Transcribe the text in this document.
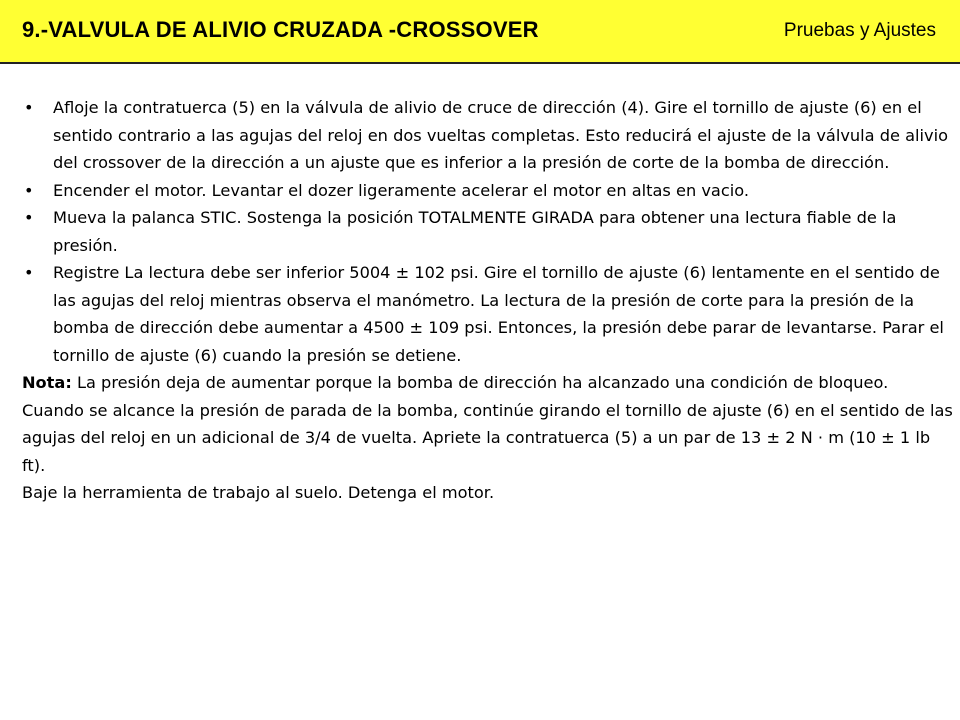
9.-VALVULA DE ALIVIO CRUZADA -CROSSOVER	Pruebas y Ajustes
• Afloje la contratuerca (5) en la válvula de alivio de cruce de dirección (4). Gire el tornillo de ajuste (6) en el sentido contrario a las agujas del reloj en dos vueltas completas. Esto reducirá el ajuste de la válvula de alivio del crossover de la dirección a un ajuste que es inferior a la presión de corte de la bomba de dirección.
• Encender el motor. Levantar el dozer ligeramente acelerar el motor en altas en vacio.
• Mueva la palanca STIC. Sostenga la posición TOTALMENTE GIRADA para obtener una lectura fiable de la presión.
• Registre La lectura debe ser inferior 5004 ± 102 psi. Gire el tornillo de ajuste (6) lentamente en el sentido de las agujas del reloj mientras observa el manómetro. La lectura de la presión de corte para la presión de la bomba de dirección debe aumentar a 4500 ± 109 psi. Entonces, la presión debe parar de levantarse. Parar el tornillo de ajuste (6) cuando la presión se detiene.

Nota: La presión deja de aumentar porque la bomba de dirección ha alcanzado una condición de bloqueo.

Cuando se alcance la presión de parada de la bomba, continúe girando el tornillo de ajuste (6) en el sentido de las agujas del reloj en un adicional de 3/4 de vuelta. Apriete la contratuerca (5) a un par de 13 ± 2 N · m (10 ± 1 lb ft).

Baje la herramienta de trabajo al suelo. Detenga el motor.
